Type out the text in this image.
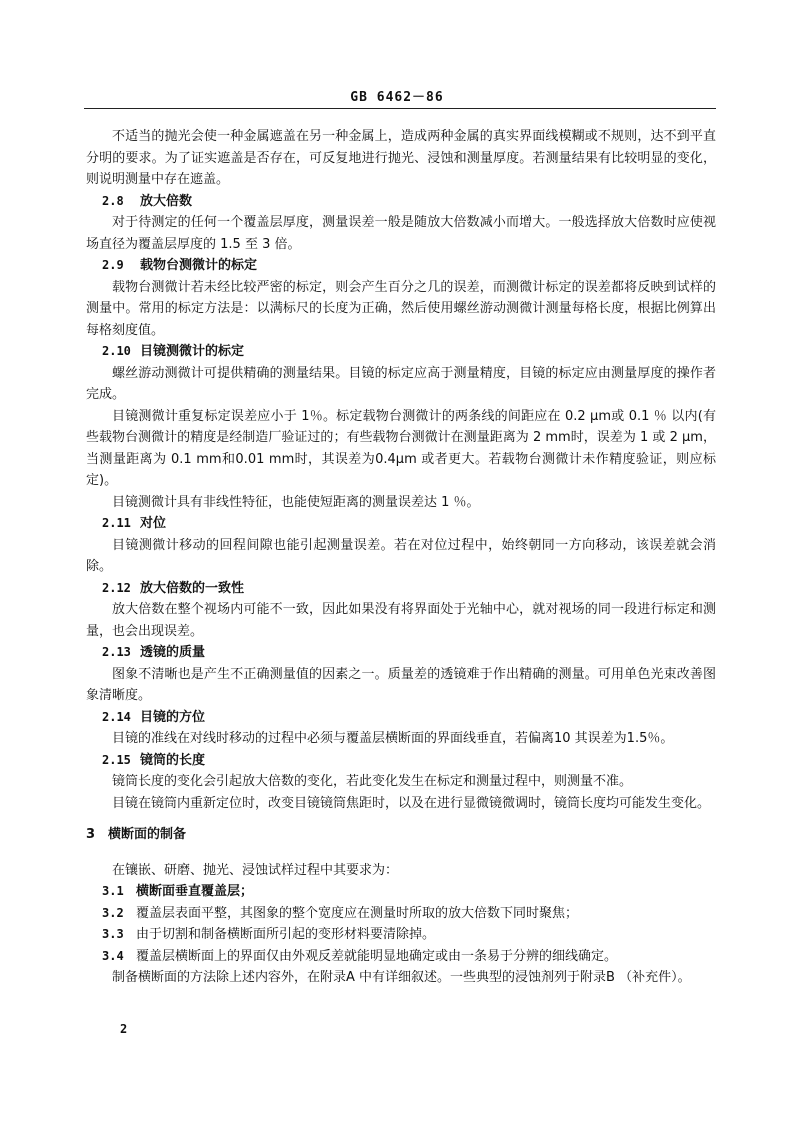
GB 6462－86

不适当的抛光会使一种金属遮盖在另一种金属上，造成两种金属的真实界面线模糊或不规则，达不到平直分明的要求。为了证实遮盖是否存在，可反复地进行抛光、浸蚀和测量厚度。若测量结果有比较明显的变化，则说明测量中存在遮盖。

2.8 放大倍数

对于待测定的任何一个覆盖层厚度，测量误差一般是随放大倍数减小而增大。一般选择放大倍数时应使视场直径为覆盖层厚度的 1.5 至 3 倍。

2.9 载物台测微计的标定

载物台测微计若未经比较严密的标定，则会产生百分之几的误差，而测微计标定的误差都将反映到试样的测量中。常用的标定方法是：以满标尺的长度为正确，然后使用螺丝游动测微计测量每格长度，根据比例算出每格刻度值。

2.10 目镜测微计的标定

螺丝游动测微计可提供精确的测量结果。目镜的标定应高于测量精度，目镜的标定应由测量厚度的操作者完成。

目镜测微计重复标定误差应小于 1％。标定载物台测微计的两条线的间距应在 0.2 μm或 0.1 ％ 以内(有些载物台测微计的精度是经制造厂验证过的；有些载物台测微计在测量距离为 2 mm时，误差为 1 或 2 μm，当测量距离为 0.1 mm和0.01 mm时，其误差为0.4μm 或者更大。若载物台测微计未作精度验证，则应标定)。

目镜测微计具有非线性特征，也能使短距离的测量误差达 1 ％。

2.11 对位

目镜测微计移动的回程间隙也能引起测量误差。若在对位过程中，始终朝同一方向移动，该误差就会消除。

2.12 放大倍数的一致性

放大倍数在整个视场内可能不一致，因此如果没有将界面处于光轴中心，就对视场的同一段进行标定和测量，也会出现误差。

2.13 透镜的质量

图象不清晰也是产生不正确测量值的因素之一。质量差的透镜难于作出精确的测量。可用单色光束改善图象清晰度。

2.14 目镜的方位

目镜的准线在对线时移动的过程中必须与覆盖层横断面的界面线垂直，若偏离10 其误差为1.5％。

2.15 镜筒的长度

镜筒长度的变化会引起放大倍数的变化，若此变化发生在标定和测量过程中，则测量不准。

目镜在镜筒内重新定位时，改变目镜镜筒焦距时，以及在进行显微镜微调时，镜筒长度均可能发生变化。

3 横断面的制备

在镶嵌、研磨、抛光、浸蚀试样过程中其要求为：

3.1 横断面垂直覆盖层；
3.2 覆盖层表面平整，其图象的整个宽度应在测量时所取的放大倍数下同时聚焦；
3.3 由于切割和制备横断面所引起的变形材料要清除掉。
3.4 覆盖层横断面上的界面仅由外观反差就能明显地确定或由一条易于分辨的细线确定。

制备横断面的方法除上述内容外，在附录A 中有详细叙述。一些典型的浸蚀剂列于附录B （补充件）。

2
